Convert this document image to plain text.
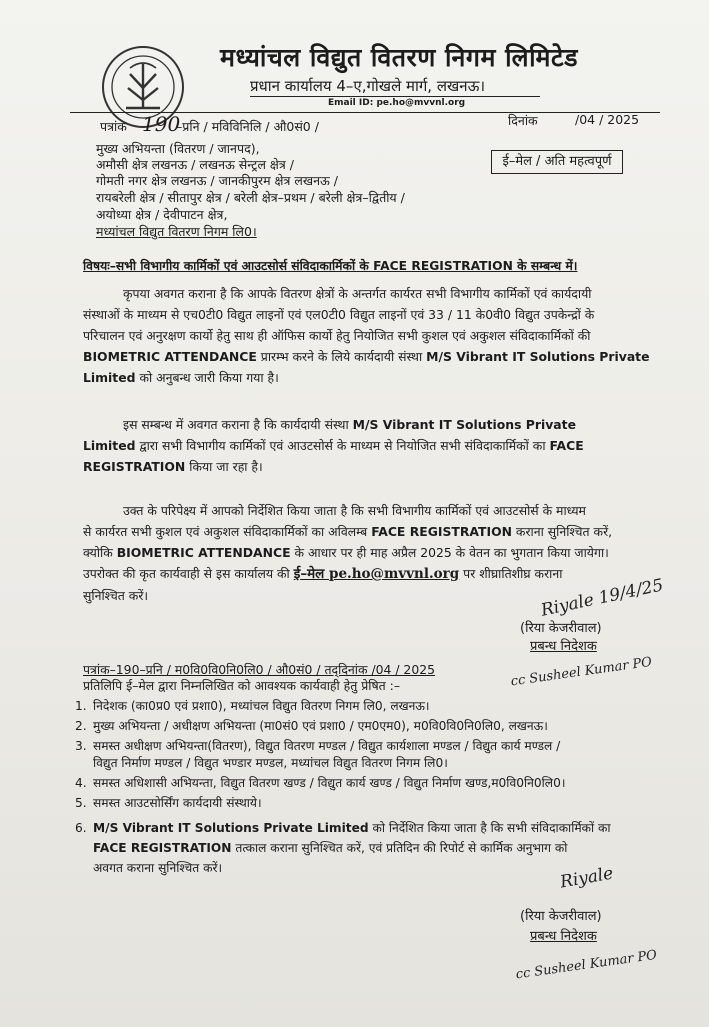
मध्यांचल विद्युत वितरण निगम लिमिटेड
प्रधान कार्यालय 4–ए,गोखले मार्ग, लखनऊ।
Email ID: pe.ho@mvvnl.org
पत्रांक 190
–प्रनि / मविविनिलि / औ0सं0 /	दिनांक	/04 / 2025
मुख्य अभियन्ता (वितरण / जानपद),
अमौसी क्षेत्र लखनऊ / लखनऊ सेन्ट्रल क्षेत्र /
गोमती नगर क्षेत्र लखनऊ / जानकीपुरम क्षेत्र लखनऊ /
रायबरेली क्षेत्र / सीतापुर क्षेत्र / बरेली क्षेत्र–प्रथम / बरेली क्षेत्र–द्वितीय /
अयोध्या क्षेत्र / देवीपाटन क्षेत्र,
मध्यांचल विद्युत वितरण निगम लि0।
ई–मेल / अति महत्वपूर्ण
विषयः–सभी विभागीय कार्मिकों एवं आउटसोर्स संविदाकार्मिकों के FACE REGISTRATION के सम्बन्ध में।
कृपया अवगत कराना है कि आपके वितरण क्षेत्रों के अन्तर्गत कार्यरत सभी विभागीय कार्मिकों एवं कार्यदायी
संस्थाओं के माध्यम से एच0टी0 विद्युत लाइनों एवं एल0टी0 विद्युत लाइनों एवं 33 / 11 के0वी0 विद्युत उपकेन्द्रों के
परिचालन एवं अनुरक्षण कार्यो हेतु साथ ही ऑफिस कार्यो हेतु नियोजित सभी कुशल एवं अकुशल संविदाकार्मिकों की
BIOMETRIC ATTENDANCE प्रारम्भ करने के लिये कार्यदायी संस्था M/S Vibrant IT Solutions Private
Limited को अनुबन्ध जारी किया गया है।
इस सम्बन्ध में अवगत कराना है कि कार्यदायी संस्था M/S Vibrant IT Solutions Private
Limited द्वारा सभी विभागीय कार्मिकों एवं आउटसोर्स के माध्यम से नियोजित सभी संविदाकार्मिकों का FACE
REGISTRATION किया जा रहा है।
उक्त के परिपेक्ष्य में आपको निर्देशित किया जाता है कि सभी विभागीय कार्मिकों एवं आउटसोर्स के माध्यम
से कार्यरत सभी कुशल एवं अकुशल संविदाकार्मिकों का अविलम्ब FACE REGISTRATION कराना सुनिश्चित करें,
क्योकि BIOMETRIC ATTENDANCE के आधार पर ही माह अप्रैल 2025 के वेतन का भुगतान किया जायेगा।
उपरोक्त की कृत कार्यवाही से इस कार्यालय की ई–मेल pe.ho@mvvnl.org पर शीघ्रातिशीघ्र कराना
सुनिश्चित करें।	Riyale 19/4/25
(रिया केजरीवाल)
प्रबन्ध निदेशक
cc Susheel Kumar PO
पत्रांक–190–प्रनि / म0वि0वि0नि0लि0 / औ0सं0 / तद्‌दिनांक /04 / 2025
प्रतिलिपि ई–मेल द्वारा निम्नलिखित को आवश्यक कार्यवाही हेतु प्रेषित :–
1. निदेशक (का0प्र0 एवं प्रशा0), मध्यांचल विद्युत वितरण निगम लि0, लखनऊ।
2. मुख्य अभियन्ता / अधीक्षण अभियन्ता (मा0सं0 एवं प्रशा0 / एम0एम0), म0वि0वि0नि0लि0, लखनऊ।
3. समस्त अधीक्षण अभियन्ता(वितरण), विद्युत वितरण मण्डल / विद्युत कार्यशाला मण्डल / विद्युत कार्य मण्डल /
विद्युत निर्माण मण्डल / विद्युत भण्डार मण्डल, मध्यांचल विद्युत वितरण निगम लि0।
4. समस्त अधिशासी अभियन्ता, विद्युत वितरण खण्ड / विद्युत कार्य खण्ड / विद्युत निर्माण खण्ड,म0वि0नि0लि0।
5. समस्त आउटसोर्सिंग कार्यदायी संस्थाये।
6. M/S Vibrant IT Solutions Private Limited को निर्देशित किया जाता है कि सभी संविदाकार्मिकों का
FACE REGISTRATION तत्काल कराना सुनिश्चित करें, एवं प्रतिदिन की रिपोर्ट से कार्मिक अनुभाग को
अवगत कराना सुनिश्चित करें।	Riyale
(रिया केजरीवाल)
प्रबन्ध निदेशक
cc Susheel Kumar PO
